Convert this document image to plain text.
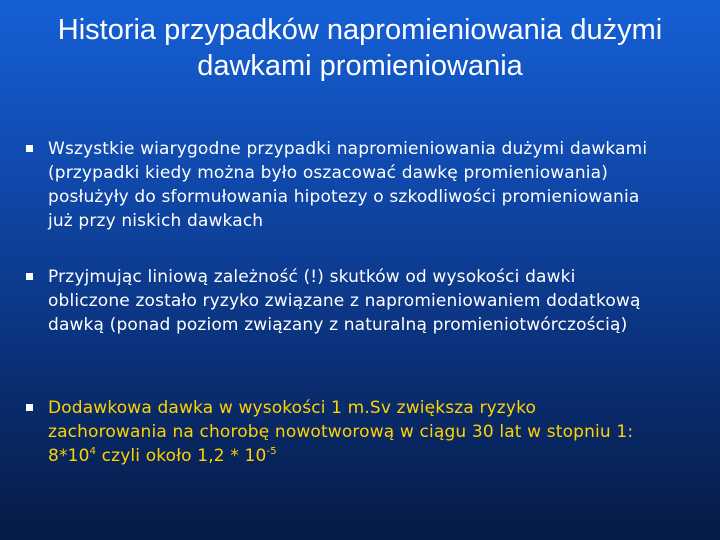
Historia przypadków napromieniowania dużymi dawkami promieniowania

Wszystkie wiarygodne przypadki napromieniowania dużymi dawkami (przypadki kiedy można było oszacować dawkę promieniowania) posłużyły do sformułowania hipotezy o szkodliwości promieniowania już przy niskich dawkach

Przyjmując liniową zależność (!) skutków od wysokości dawki obliczone zostało ryzyko związane z napromieniowaniem dodatkową dawką (ponad poziom związany z naturalną promieniotwórczością)

Dodawkowa dawka w wysokości 1 m.Sv zwiększa ryzyko zachorowania na chorobę nowotworową w ciągu 30 lat w stopniu 1: $8*10^4$ czyli około $1,2 * 10^{-5}$
